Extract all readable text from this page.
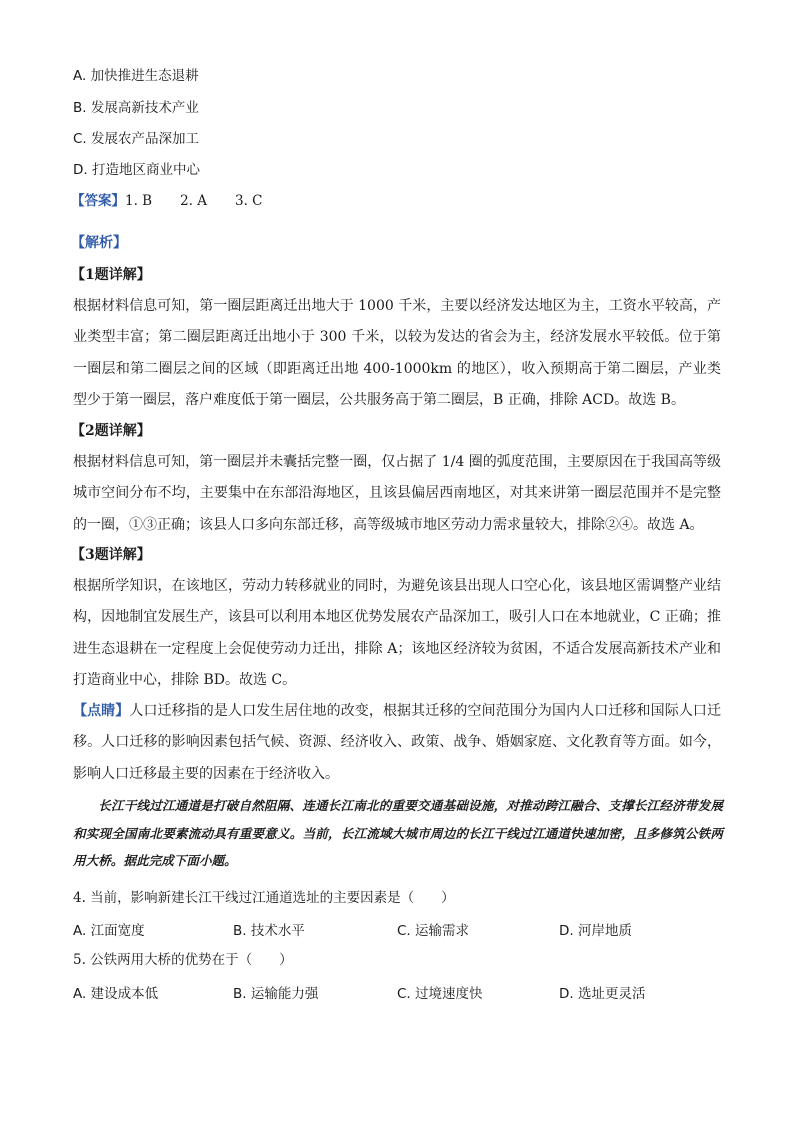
A. 加快推进生态退耕
B. 发展高新技术产业
C. 发展农产品深加工
D. 打造地区商业中心
【答案】1. B 2. A 3. C
【解析】
【1题详解】
根据材料信息可知，第一圈层距离迁出地大于 1000 千米，主要以经济发达地区为主，工资水平较高，产业类型丰富；第二圈层距离迁出地小于 300 千米，以较为发达的省会为主，经济发展水平较低。位于第一圈层和第二圈层之间的区域（即距离迁出地 400-1000km 的地区），收入预期高于第二圈层，产业类型少于第一圈层，落户难度低于第一圈层，公共服务高于第二圈层，B 正确，排除 ACD。故选 B。
【2题详解】
根据材料信息可知，第一圈层并未囊括完整一圈，仅占据了 1/4 圈的弧度范围，主要原因在于我国高等级城市空间分布不均，主要集中在东部沿海地区，且该县偏居西南地区，对其来讲第一圈层范围并不是完整的一圈，①③正确；该县人口多向东部迁移，高等级城市地区劳动力需求量较大，排除②④。故选 A。
【3题详解】
根据所学知识，在该地区，劳动力转移就业的同时，为避免该县出现人口空心化，该县地区需调整产业结构，因地制宜发展生产，该县可以利用本地区优势发展农产品深加工，吸引人口在本地就业，C 正确；推进生态退耕在一定程度上会促使劳动力迁出，排除 A；该地区经济较为贫困，不适合发展高新技术产业和打造商业中心，排除 BD。故选 C。
【点睛】人口迁移指的是人口发生居住地的改变，根据其迁移的空间范围分为国内人口迁移和国际人口迁移。人口迁移的影响因素包括气候、资源、经济收入、政策、战争、婚姻家庭、文化教育等方面。如今，影响人口迁移最主要的因素在于经济收入。
长江干线过江通道是打破自然阻隔、连通长江南北的重要交通基础设施，对推动跨江融合、支撑长江经济带发展和实现全国南北要素流动具有重要意义。当前，长江流域大城市周边的长江干线过江通道快速加密，且多修筑公铁两用大桥。据此完成下面小题。
4. 当前，影响新建长江干线过江通道选址的主要因素是（　　）
A. 江面宽度	B. 技术水平	C. 运输需求	D. 河岸地质
5. 公铁两用大桥的优势在于（　　）
A. 建设成本低	B. 运输能力强	C. 过境速度快	D. 选址更灵活
